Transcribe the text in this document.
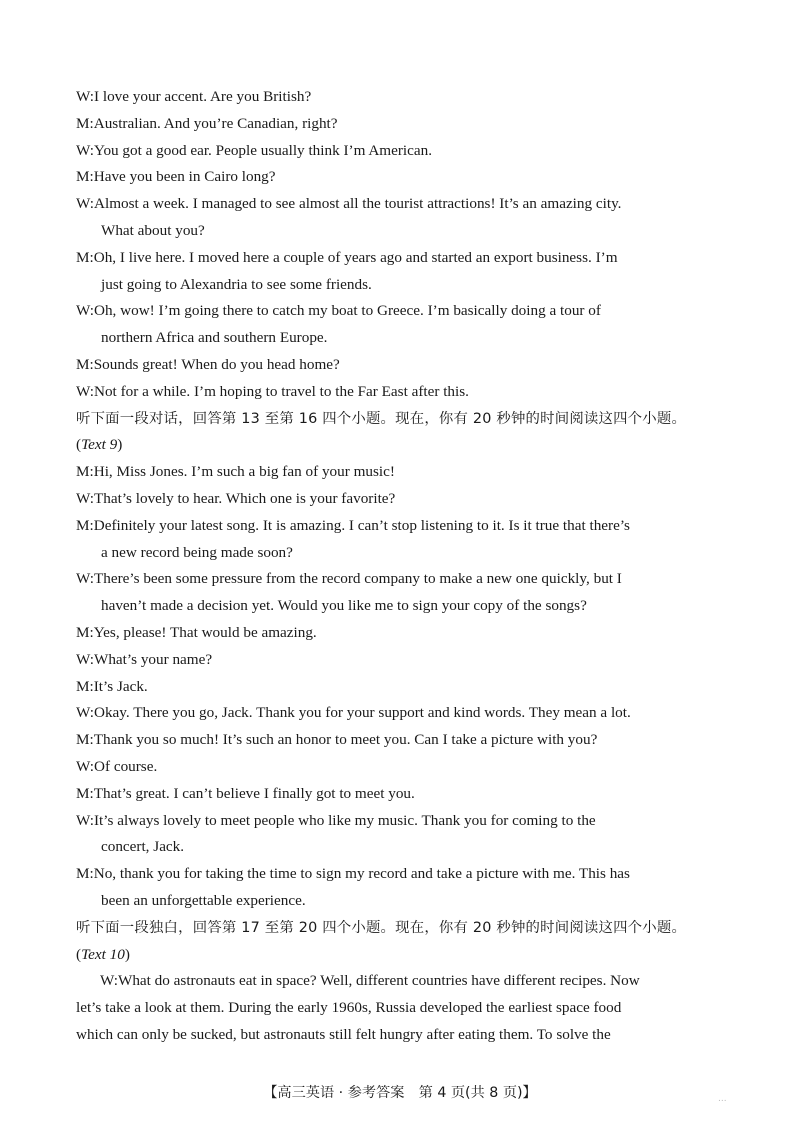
W:I love your accent. Are you British?
M:Australian. And you’re Canadian, right?
W:You got a good ear. People usually think I’m American.
M:Have you been in Cairo long?
W:Almost a week. I managed to see almost all the tourist attractions! It’s an amazing city.
What about you?
M:Oh, I live here. I moved here a couple of years ago and started an export business. I’m
just going to Alexandria to see some friends.
W:Oh, wow! I’m going there to catch my boat to Greece. I’m basically doing a tour of
northern Africa and southern Europe.
M:Sounds great! When do you head home?
W:Not for a while. I’m hoping to travel to the Far East after this.
听下面一段对话，回答第 13 至第 16 四个小题。现在，你有 20 秒钟的时间阅读这四个小题。
(Text 9)
M:Hi, Miss Jones. I’m such a big fan of your music!
W:That’s lovely to hear. Which one is your favorite?
M:Definitely your latest song. It is amazing. I can’t stop listening to it. Is it true that there’s
a new record being made soon?
W:There’s been some pressure from the record company to make a new one quickly, but I
haven’t made a decision yet. Would you like me to sign your copy of the songs?
M:Yes, please! That would be amazing.
W:What’s your name?
M:It’s Jack.
W:Okay. There you go, Jack. Thank you for your support and kind words. They mean a lot.
M:Thank you so much! It’s such an honor to meet you. Can I take a picture with you?
W:Of course.
M:That’s great. I can’t believe I finally got to meet you.
W:It’s always lovely to meet people who like my music. Thank you for coming to the
concert, Jack.
M:No, thank you for taking the time to sign my record and take a picture with me. This has
been an unforgettable experience.
听下面一段独白，回答第 17 至第 20 四个小题。现在，你有 20 秒钟的时间阅读这四个小题。
(Text 10)
W:What do astronauts eat in space? Well, different countries have different recipes. Now
let’s take a look at them. During the early 1960s, Russia developed the earliest space food
which can only be sucked, but astronauts still felt hungry after eating them. To solve the
【高三英语 · 参考答案　第 4 页(共 8 页)】	...
